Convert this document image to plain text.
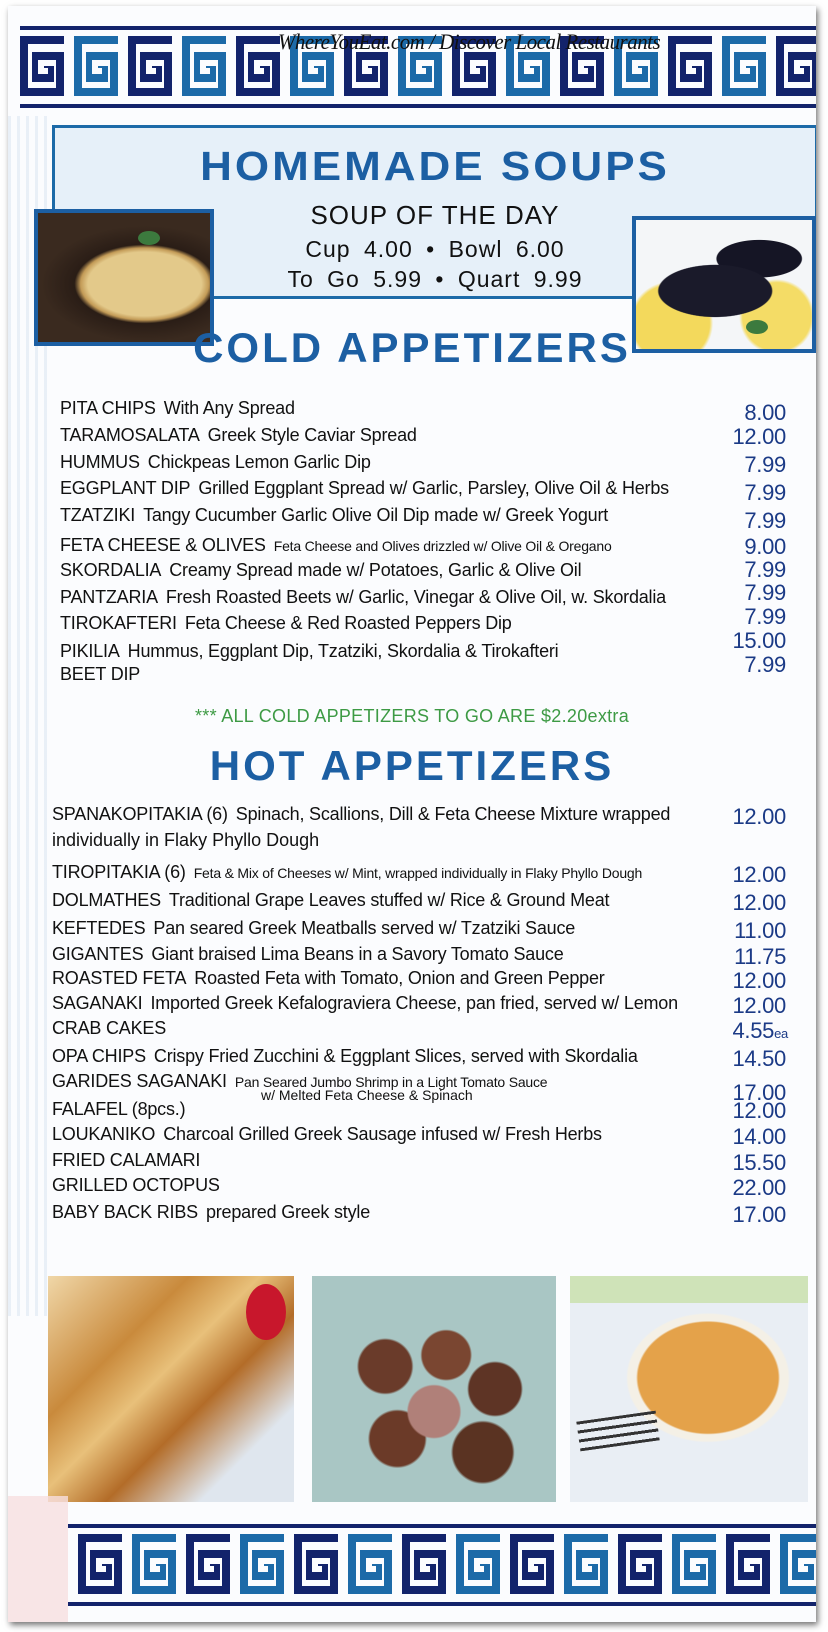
WhereYouEat.com / Discover Local Restaurants
HOMEMADE SOUPS
SOUP OF THE DAY
Cup 4.00 • Bowl 6.00
To Go 5.99 • Quart 9.99
COLD APPETIZERS
*** ALL COLD APPETIZERS TO GO ARE $2.20extra
HOT APPETIZERS
PITA CHIPS With Any Spread	8.00
TARAMOSALATA Greek Style Caviar Spread	12.00
HUMMUS Chickpeas Lemon Garlic Dip	7.99
EGGPLANT DIP Grilled Eggplant Spread w/ Garlic, Parsley, Olive Oil & Herbs	7.99
TZATZIKI Tangy Cucumber Garlic Olive Oil Dip made w/ Greek Yogurt	7.99
FETA CHEESE & OLIVES Feta Cheese and Olives drizzled w/ Olive Oil & Oregano	9.00
SKORDALIA Creamy Spread made w/ Potatoes, Garlic & Olive Oil	7.99
PANTZARIA Fresh Roasted Beets w/ Garlic, Vinegar & Olive Oil, w. Skordalia	7.99
TIROKAFTERI Feta Cheese & Red Roasted Peppers Dip	7.99
PIKILIA Hummus, Eggplant Dip, Tzatziki, Skordalia & Tirokafteri	15.00
BEET DIP	7.99
SPANAKOPITAKIA (6) Spinach, Scallions, Dill & Feta Cheese Mixture wrapped
individually in Flaky Phyllo Dough
12.00
TIROPITAKIA (6) Feta & Mix of Cheeses w/ Mint, wrapped individually in Flaky Phyllo Dough	12.00
DOLMATHES Traditional Grape Leaves stuffed w/ Rice & Ground Meat	12.00
KEFTEDES Pan seared Greek Meatballs served w/ Tzatziki Sauce	11.00
GIGANTES Giant braised Lima Beans in a Savory Tomato Sauce	11.75
ROASTED FETA Roasted Feta with Tomato, Onion and Green Pepper	12.00
SAGANAKI Imported Greek Kefalograviera Cheese, pan fried, served w/ Lemon	12.00
CRAB CAKES	4.55ea
OPA CHIPS Crispy Fried Zucchini & Eggplant Slices, served with Skordalia	14.50
GARIDES SAGANAKI Pan Seared Jumbo Shrimp in a Light Tomato Sauce
w/ Melted Feta Cheese & Spinach	17.00
FALAFEL (8pcs.)	12.00
LOUKANIKO Charcoal Grilled Greek Sausage infused w/ Fresh Herbs	14.00
FRIED CALAMARI	15.50
GRILLED OCTOPUS	22.00
BABY BACK RIBS prepared Greek style	17.00
